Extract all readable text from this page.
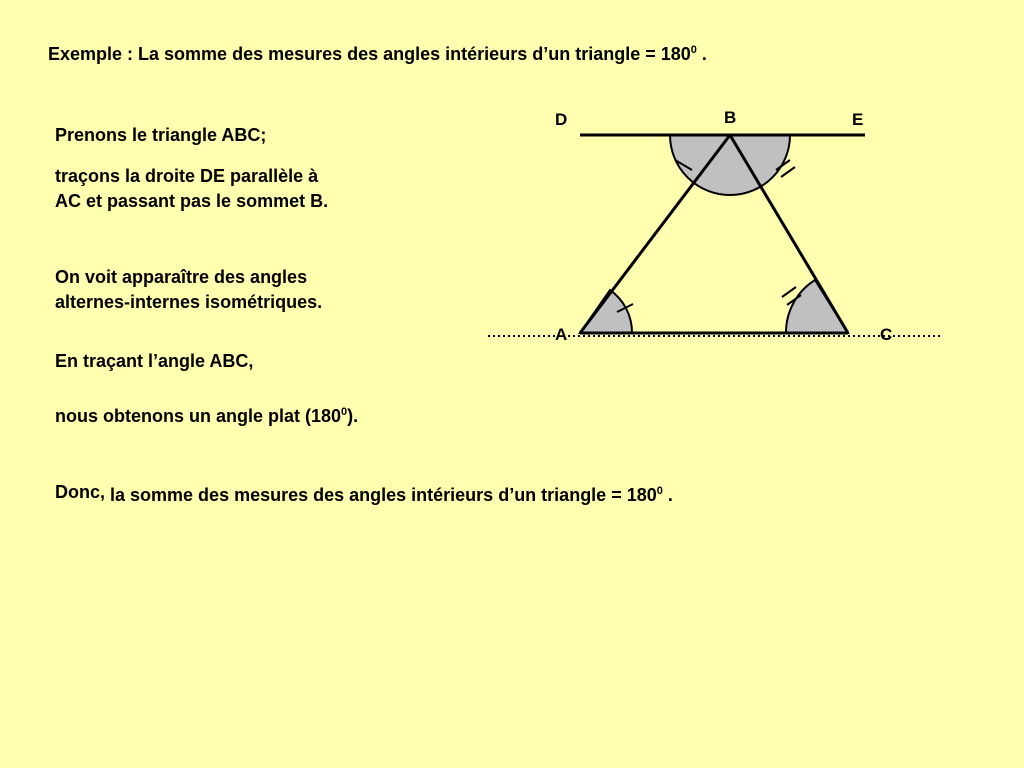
Exemple : La somme des mesures des angles intérieurs d’un triangle = $180^0$ .
Prenons le triangle ABC;
traçons la droite DE parallèle à
AC et passant pas le sommet B.
On voit apparaître des angles
alternes-internes isométriques.
En traçant l’angle ABC,
nous obtenons un angle plat $(180^0)$.
Donc, la somme des mesures des angles intérieurs d’un triangle = $180^0$ .
D	B	E
A	C
